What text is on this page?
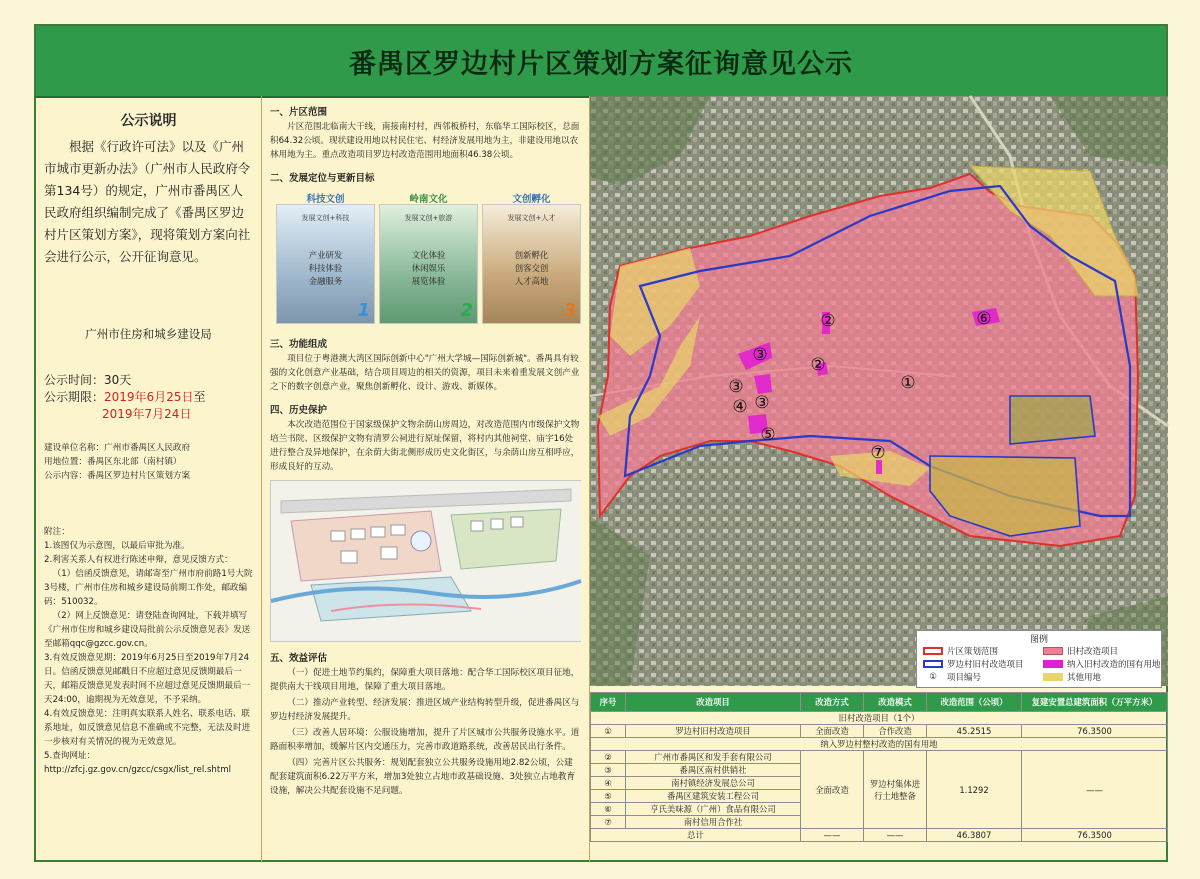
番禺区罗边村片区策划方案征询意见公示
公示说明
根据《行政许可法》以及《广州市城市更新办法》（广州市人民政府令第134号）的规定，广州市番禺区人民政府组织编制完成了《番禺区罗边村片区策划方案》，现将策划方案向社会进行公示，公开征询意见。
广州市住房和城乡建设局
公示时间：30天
公示期限：2019年6月25日至
2019年7月24日
建设单位名称：广州市番禺区人民政府
用地位置：番禺区东北部（南村镇）
公示内容：番禺区罗边村片区策划方案
附注：
1.该图仅为示意图，以最后审批为准。
2.利害关系人有权进行陈述申辩，意见反馈方式：
（1）信函反馈意见，请邮寄至广州市府前路1号大院3号楼，广州市住房和城乡建设局前期工作处，邮政编码：510032。
（2）网上反馈意见：请登陆查询网址，下载并填写《广州市住房和城乡建设局批前公示反馈意见表》发送至邮箱qqc@gzcc.gov.cn。
3.有效反馈意见期：2019年6月25日至2019年7月24日。信函反馈意见邮戳日不应超过意见反馈期最后一天，邮箱反馈意见发表时间不应超过意见反馈期最后一天24:00，逾期视为无效意见，不予采纳。
4.有效反馈意见：注明真实联系人姓名、联系电话、联系地址，如反馈意见信息不准确或不完整，无法及时进一步核对有关情况的视为无效意见。
5.查询网址：
http://zfcj.gz.gov.cn/gzcc/csgx/list_rel.shtml
一、片区范围

片区范围北临南大干线，南接南村村，西邻板桥村，东临华工国际校区，总面积64.32公顷。现状建设用地以村民住宅、村经济发展用地为主，非建设用地以农林用地为主。重点改造项目罗边村改造范围用地面积46.38公顷。

二、发展定位与更新目标
科技文创
发展文创+科技
产业研发
科技体验
金融服务
1
岭南文化
发展文创+旅游
文化体验
休闲娱乐
展览体验
2
文创孵化
发展文创+人才
创新孵化
创客交创
人才高地
3
三、功能组成

项目位于粤港澳大湾区国际创新中心"广州大学城—国际创新城"。番禺具有较强的文化创意产业基础，结合项目周边的相关的资源，项目未来着重发展文创产业之下的数字创意产业，聚焦创新孵化、设计、游戏、新媒体。

四、历史保护

本次改造范围位于国家级保护文物余荫山房周边，对改造范围内市级保护文物培兰书院、区级保护文物有清罗公祠进行原址保留，将村内其他祠堂、庙宇16处进行整合及异地保护，在余荫大街北侧形成历史文化街区，与余荫山房互相呼应，形成良好的互动。

五、效益评估

（一）促进土地节约集约，保障重大项目落地：配合华工国际校区项目征地，提供南大干线项目用地，保障了重大项目落地。

（二）推动产业转型、经济发展：推进区域产业结构转型升级，促进番禺区与罗边村经济发展提升。

（三）改善人居环境：公服设施增加，提升了片区城市公共服务设施水平。道路面积率增加，缓解片区内交通压力，完善市政道路系统，改善居民出行条件。

（四）完善片区公共服务：规划配套独立公共服务设施用地2.82公顷，公建配套建筑面积6.22万平方米，增加3处独立占地市政基础设施、3处独立占地教育设施，解决公共配套设施不足问题。

①
②
②
③
③
③
④
⑤
⑥
⑦
图例
片区策划范围	旧村改造项目
罗边村旧村改造项目	纳入旧村改造的国有用地
①	项目编号	其他用地
序号	改造项目	改造方式	改造模式	改造范围（公顷）	复建安置总建筑面积（万平方米）
旧村改造项目（1个）					
①	罗边村旧村改造项目	全面改造	合作改造	45.2515	76.3500
纳入罗边村整村改造的国有用地					
②	广州市番禺区和发手套有限公司	全面改造	罗边村集体进行土地整备	1.1292	——
③	番禺区南村供销社				
④	南村镇经济发展总公司				
⑤	番禺区建筑安装工程公司				
⑥	亨氏美味源（广州）食品有限公司				
⑦	南村信用合作社				
总计		——	——	46.3807	76.3500
